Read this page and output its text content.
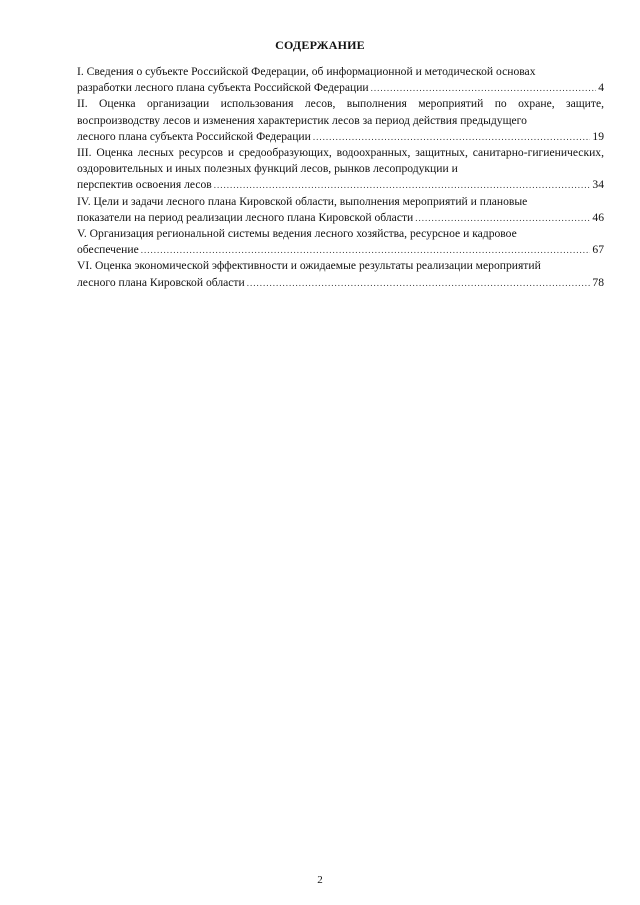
СОДЕРЖАНИЕ
I. Сведения о субъекте Российской Федерации, об информационной и методической основах
разработки лесного плана субъекта Российской Федерации .....	4
II. Оценка организации использования лесов, выполнения мероприятий по охране, защите, воспроизводству лесов и изменения характеристик лесов за период действия предыдущего
лесного плана субъекта Российской Федерации .....	19
III. Оценка лесных ресурсов и средообразующих, водоохранных, защитных, санитарно-гигиенических, оздоровительных и иных полезных функций лесов, рынков лесопродукции и
перспектив освоения лесов .....	34
IV. Цели и задачи лесного плана Кировской области, выполнения мероприятий и плановые
показатели на период реализации лесного плана Кировской области .....	46
V. Организация региональной системы ведения лесного хозяйства, ресурсное и кадровое
обеспечение .....	67
VI. Оценка экономической эффективности и ожидаемые результаты реализации мероприятий
лесного плана Кировской области .....	78
2
